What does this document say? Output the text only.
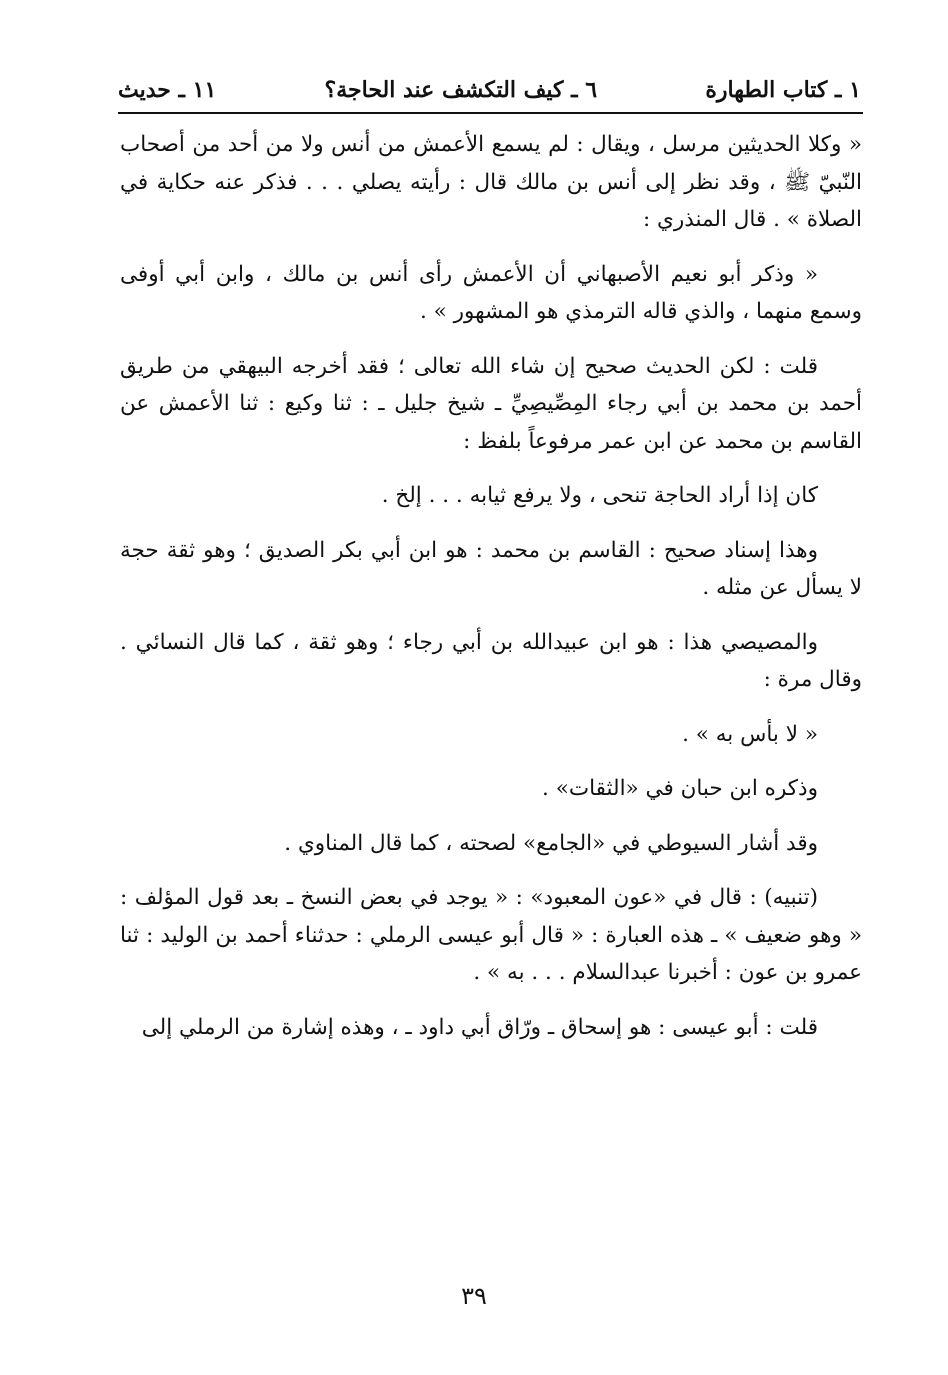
١ ـ كتاب الطهارة
٦ ـ كيف التكشف عند الحاجة؟
١١ ـ حديث

« وكلا الحديثين مرسل ، ويقال : لم يسمع الأعمش من أنس ولا من أحد من أصحاب النّبيّ ﷺ ، وقد نظر إلى أنس بن مالك قال : رأيته يصلي . . . فذكر عنه حكاية في الصلاة » . قال المنذري :

« وذكر أبو نعيم الأصبهاني أن الأعمش رأى أنس بن مالك ، وابن أبي أوفى وسمع منهما ، والذي قاله الترمذي هو المشهور » .

قلت : لكن الحديث صحيح إن شاء الله تعالى ؛ فقد أخرجه البيهقي من طريق أحمد بن محمد بن أبي رجاء المِصِّيصِيِّ ـ شيخ جليل ـ : ثنا وكيع : ثنا الأعمش عن القاسم بن محمد عن ابن عمر مرفوعاً بلفظ :

كان إذا أراد الحاجة تنحى ، ولا يرفع ثيابه . . . إلخ .

وهذا إسناد صحيح : القاسم بن محمد : هو ابن أبي بكر الصديق ؛ وهو ثقة حجة لا يسأل عن مثله .

والمصيصي هذا : هو ابن عبيدالله بن أبي رجاء ؛ وهو ثقة ، كما قال النسائي . وقال مرة :

« لا بأس به » .

وذكره ابن حبان في «الثقات» .

وقد أشار السيوطي في «الجامع» لصحته ، كما قال المناوي .

(تنبيه) : قال في «عون المعبود» : « يوجد في بعض النسخ ـ بعد قول المؤلف : « وهو ضعيف » ـ هذه العبارة : « قال أبو عيسى الرملي : حدثناء أحمد بن الوليد : ثنا عمرو بن عون : أخبرنا عبدالسلام . . . به » .

قلت : أبو عيسى : هو إسحاق ـ ورّاق أبي داود ـ ، وهذه إشارة من الرملي إلى

٣٩
